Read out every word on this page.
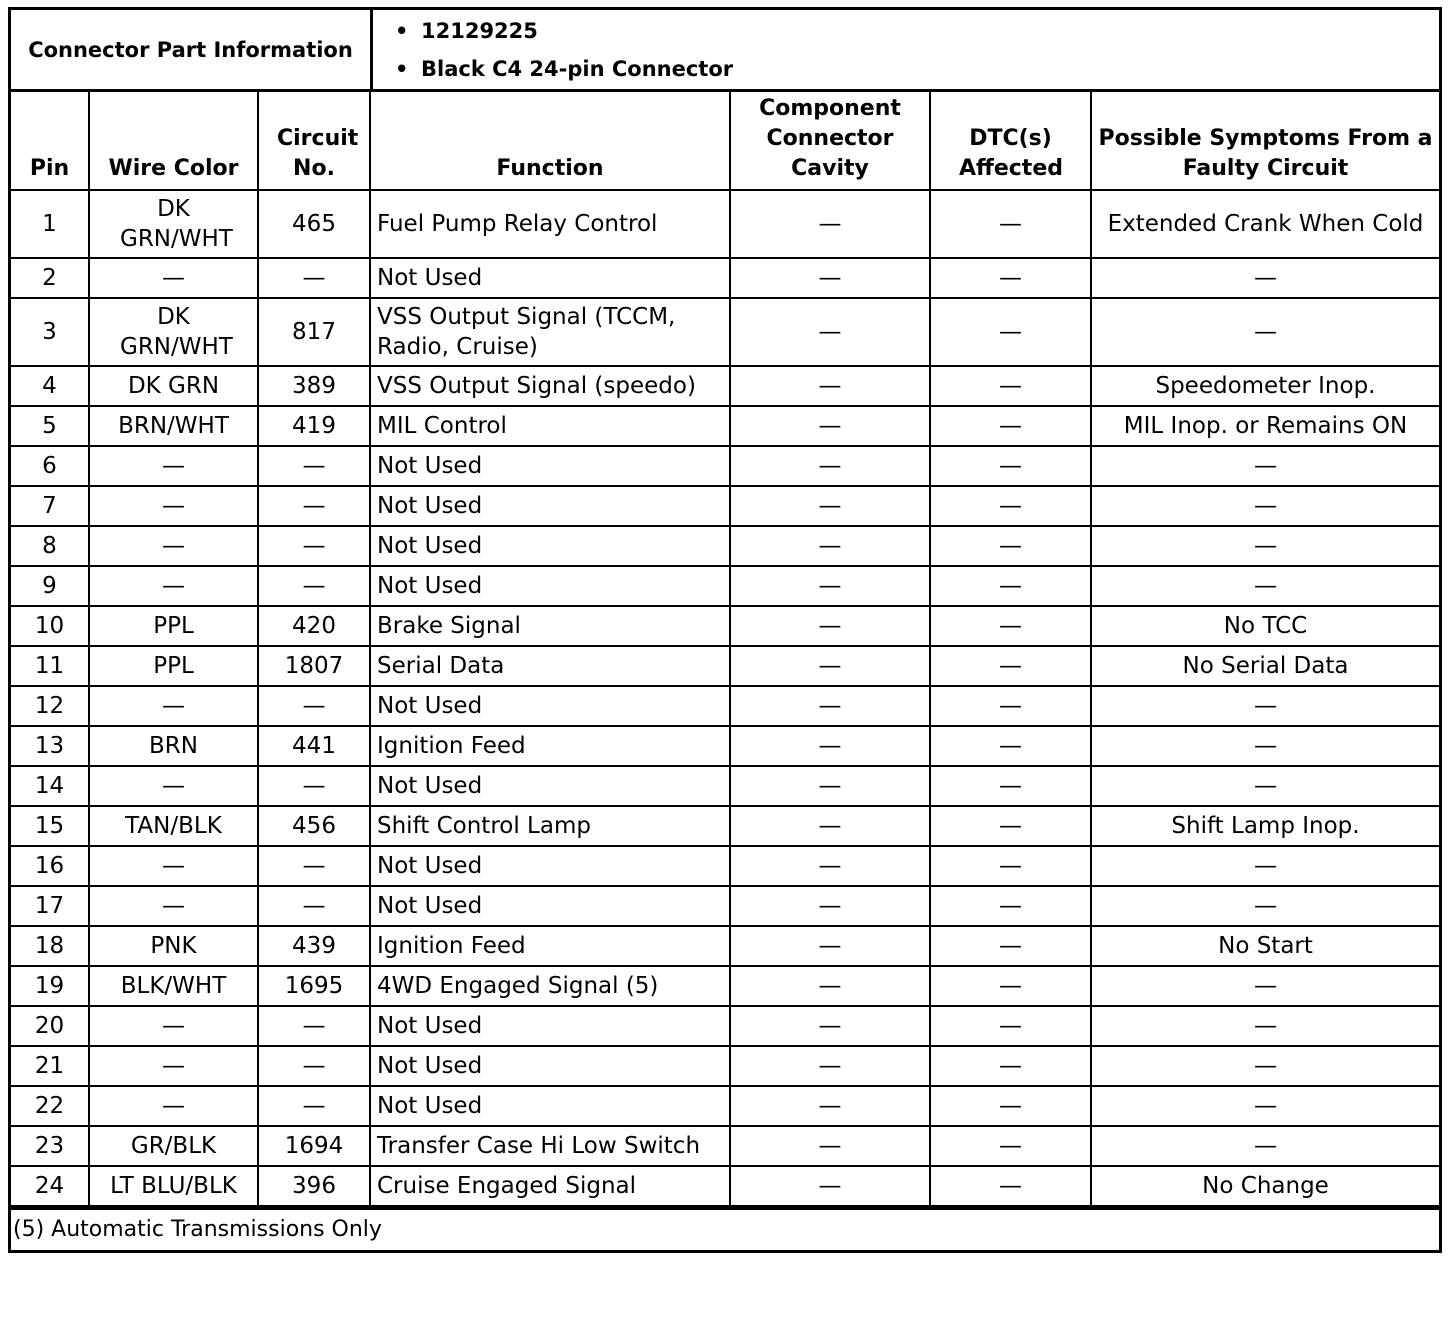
Connector Part Information
• 12129225
• Black C4 24-pin Connector
Pin	Wire Color	Circuit No.	Function	Component Connector Cavity	DTC(s) Affected	Possible Symptoms From a Faulty Circuit
1	DK GRN/WHT	465	Fuel Pump Relay Control	—	—	Extended Crank When Cold
2	—	—	Not Used	—	—	—
3	DK GRN/WHT	817	VSS Output Signal (TCCM, Radio, Cruise)	—	—	—
4	DK GRN	389	VSS Output Signal (speedo)	—	—	Speedometer Inop.
5	BRN/WHT	419	MIL Control	—	—	MIL Inop. or Remains ON
6	—	—	Not Used	—	—	—
7	—	—	Not Used	—	—	—
8	—	—	Not Used	—	—	—
9	—	—	Not Used	—	—	—
10	PPL	420	Brake Signal	—	—	No TCC
11	PPL	1807	Serial Data	—	—	No Serial Data
12	—	—	Not Used	—	—	—
13	BRN	441	Ignition Feed	—	—	—
14	—	—	Not Used	—	—	—
15	TAN/BLK	456	Shift Control Lamp	—	—	Shift Lamp Inop.
16	—	—	Not Used	—	—	—
17	—	—	Not Used	—	—	—
18	PNK	439	Ignition Feed	—	—	No Start
19	BLK/WHT	1695	4WD Engaged Signal (5)	—	—	—
20	—	—	Not Used	—	—	—
21	—	—	Not Used	—	—	—
22	—	—	Not Used	—	—	—
23	GR/BLK	1694	Transfer Case Hi Low Switch	—	—	—
24	LT BLU/BLK	396	Cruise Engaged Signal	—	—	No Change
(5) Automatic Transmissions Only
